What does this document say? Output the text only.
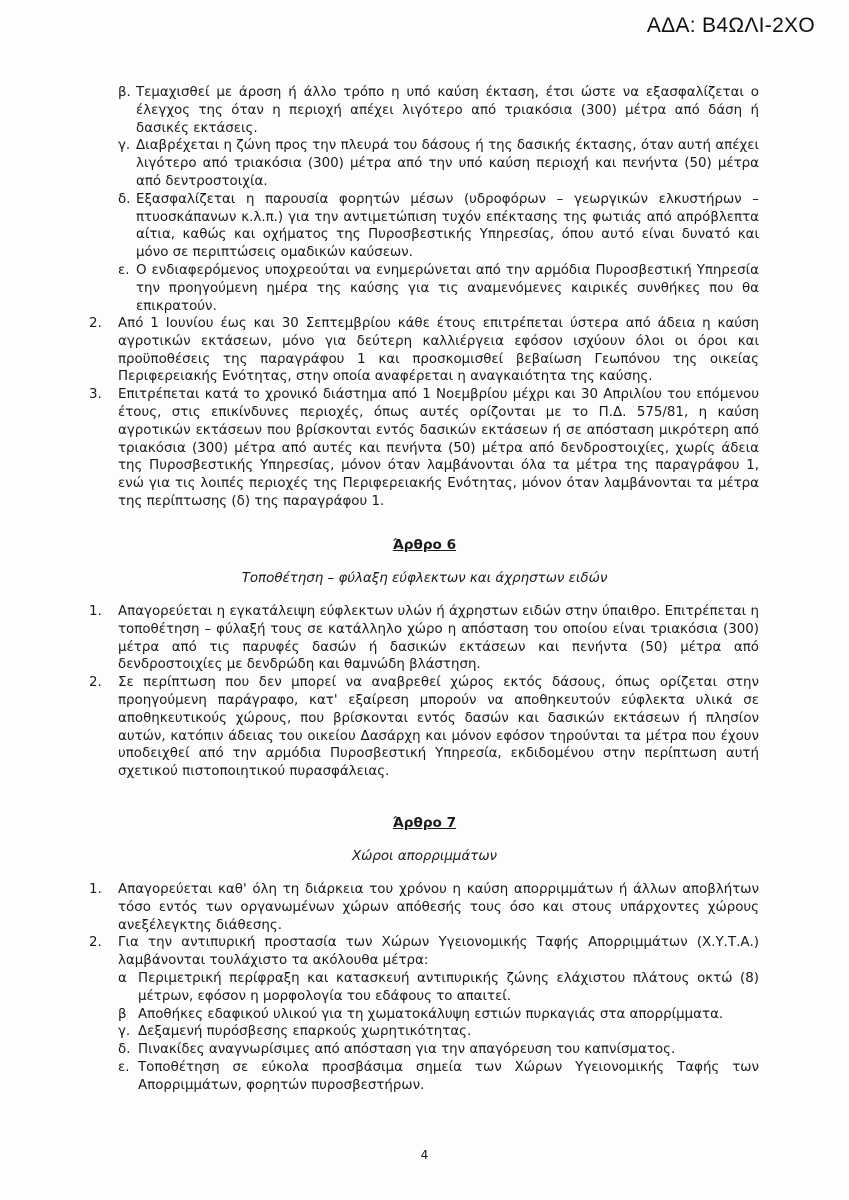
ΑΔΑ: Β4ΩΛΙ-2ΧΟ
β. Τεμαχισθεί με άροση ή άλλο τρόπο η υπό καύση έκταση, έτσι ώστε να εξασφαλίζεται ο έλεγχος της όταν η περιοχή απέχει λιγότερο από τριακόσια (300) μέτρα από δάση ή δασικές εκτάσεις.
γ. Διαβρέχεται η ζώνη προς την πλευρά του δάσους ή της δασικής έκτασης, όταν αυτή απέχει λιγότερο από τριακόσια (300) μέτρα από την υπό καύση περιοχή και πενήντα (50) μέτρα από δεντροστοιχία.
δ. Εξασφαλίζεται η παρουσία φορητών μέσων (υδροφόρων – γεωργικών ελκυστήρων – πτυοσκάπανων κ.λ.π.) για την αντιμετώπιση τυχόν επέκτασης της φωτιάς από απρόβλεπτα αίτια, καθώς και οχήματος της Πυροσβεστικής Υπηρεσίας, όπου αυτό είναι δυνατό και μόνο σε περιπτώσεις ομαδικών καύσεων.
ε. Ο ενδιαφερόμενος υποχρεούται να ενημερώνεται από την αρμόδια Πυροσβεστική Υπηρεσία την προηγούμενη ημέρα της καύσης για τις αναμενόμενες καιρικές συνθήκες που θα επικρατούν.
2.	Από 1 Ιουνίου έως και 30 Σεπτεμβρίου κάθε έτους επιτρέπεται ύστερα από άδεια η καύση αγροτικών εκτάσεων, μόνο για δεύτερη καλλιέργεια εφόσον ισχύουν όλοι οι όροι και προϋποθέσεις της παραγράφου 1 και προσκομισθεί βεβαίωση Γεωπόνου της οικείας Περιφερειακής Ενότητας, στην οποία αναφέρεται η αναγκαιότητα της καύσης.
3.	Επιτρέπεται κατά το χρονικό διάστημα από 1 Νοεμβρίου μέχρι και 30 Απριλίου του επόμενου έτους, στις επικίνδυνες περιοχές, όπως αυτές ορίζονται με το Π.Δ. 575/81, η καύση αγροτικών εκτάσεων που βρίσκονται εντός δασικών εκτάσεων ή σε απόσταση μικρότερη από τριακόσια (300) μέτρα από αυτές και πενήντα (50) μέτρα από δενδροστοιχίες, χωρίς άδεια της Πυροσβεστικής Υπηρεσίας, μόνον όταν λαμβάνονται όλα τα μέτρα της παραγράφου 1, ενώ για τις λοιπές περιοχές της Περιφερειακής Ενότητας, μόνον όταν λαμβάνονται τα μέτρα της περίπτωσης (δ) της παραγράφου 1.
Άρθρο 6
Τοποθέτηση – φύλαξη εύφλεκτων και άχρηστων ειδών
1.	Απαγορεύεται η εγκατάλειψη εύφλεκτων υλών ή άχρηστων ειδών στην ύπαιθρο. Επιτρέπεται η τοποθέτηση – φύλαξή τους σε κατάλληλο χώρο η απόσταση του οποίου είναι τριακόσια (300) μέτρα από τις παρυφές δασών ή δασικών εκτάσεων και πενήντα (50) μέτρα από δενδροστοιχίες με δενδρώδη και θαμνώδη βλάστηση.
2.	Σε περίπτωση που δεν μπορεί να αναβρεθεί χώρος εκτός δάσους, όπως ορίζεται στην προηγούμενη παράγραφο, κατ' εξαίρεση μπορούν να αποθηκευτούν εύφλεκτα υλικά σε αποθηκευτικούς χώρους, που βρίσκονται εντός δασών και δασικών εκτάσεων ή πλησίον αυτών, κατόπιν άδειας του οικείου Δασάρχη και μόνον εφόσον τηρούνται τα μέτρα που έχουν υποδειχθεί από την αρμόδια Πυροσβεστική Υπηρεσία, εκδιδομένου στην περίπτωση αυτή σχετικού πιστοποιητικού πυρασφάλειας.
Άρθρο 7
Χώροι απορριμμάτων
1.	Απαγορεύεται καθ' όλη τη διάρκεια του χρόνου η καύση απορριμμάτων ή άλλων αποβλήτων τόσο εντός των οργανωμένων χώρων απόθεσής τους όσο και στους υπάρχοντες χώρους ανεξέλεγκτης διάθεσης.
2.	Για την αντιπυρική προστασία των Χώρων Υγειονομικής Ταφής Απορριμμάτων (Χ.Υ.Τ.Α.) λαμβάνονται τουλάχιστο τα ακόλουθα μέτρα:
α Περιμετρική περίφραξη και κατασκευή αντιπυρικής ζώνης ελάχιστου πλάτους οκτώ (8) μέτρων, εφόσον η μορφολογία του εδάφους το απαιτεί.
β Αποθήκες εδαφικού υλικού για τη χωματοκάλυψη εστιών πυρκαγιάς στα απορρίμματα.
γ. Δεξαμενή πυρόσβεσης επαρκούς χωρητικότητας.
δ. Πινακίδες αναγνωρίσιμες από απόσταση για την απαγόρευση του καπνίσματος.
ε. Τοποθέτηση σε εύκολα προσβάσιμα σημεία των Χώρων Υγειονομικής Ταφής των Απορριμμάτων, φορητών πυροσβεστήρων.
4
